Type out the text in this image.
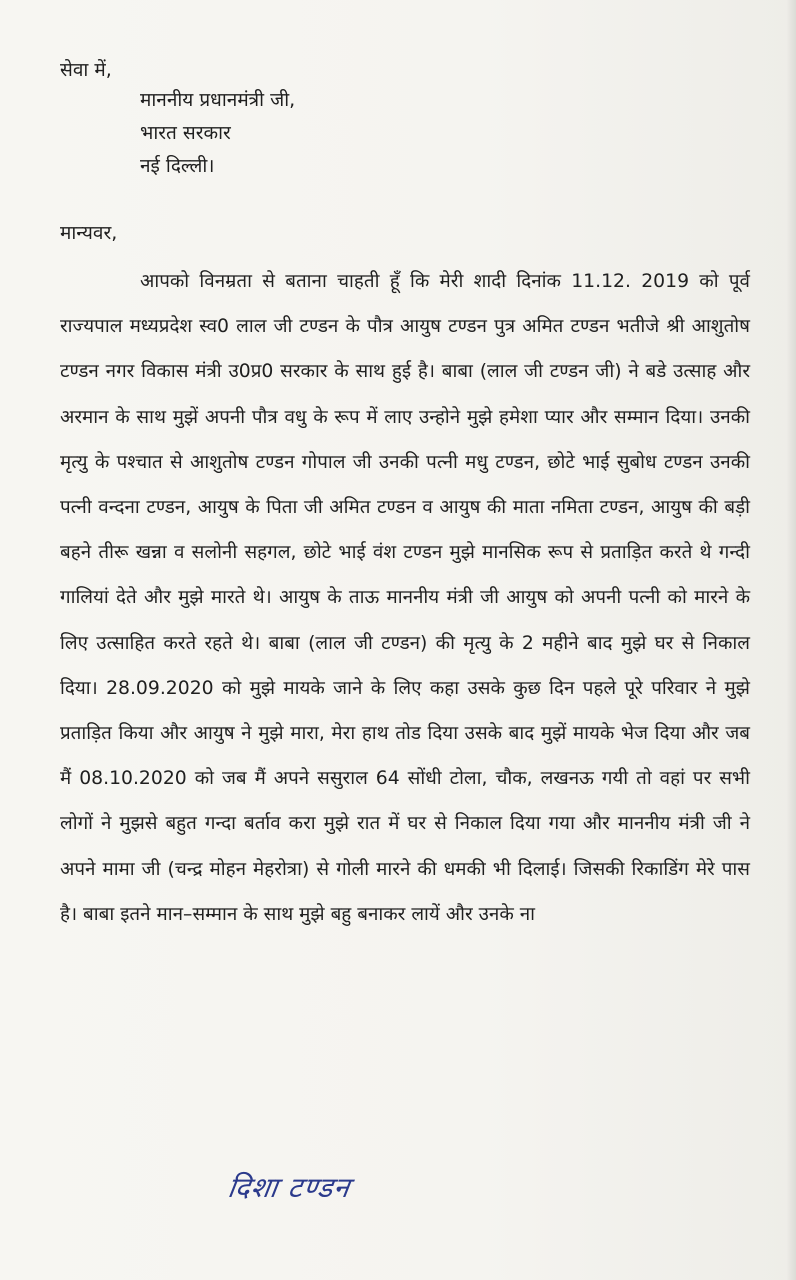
सेवा में,

माननीय प्रधानमंत्री जी,
भारत सरकार
नई दिल्ली।

मान्यवर,

आपको विनम्रता से बताना चाहती हूँ कि मेरी शादी दिनांक 11.12. 2019 को पूर्व राज्यपाल मध्यप्रदेश स्व0 लाल जी टण्डन के पौत्र आयुष टण्डन पुत्र अमित टण्डन भतीजे श्री आशुतोष टण्डन नगर विकास मंत्री उ0प्र0 सरकार के साथ हुई है। बाबा (लाल जी टण्डन जी) ने बडे उत्साह और अरमान के साथ मुझें अपनी पौत्र वधु के रूप में लाए उन्होने मुझे हमेशा प्यार और सम्मान दिया। उनकी मृत्यु के पश्चात से आशुतोष टण्डन गोपाल जी उनकी पत्नी मधु टण्डन, छोटे भाई सुबोध टण्डन उनकी पत्नी वन्दना टण्डन, आयुष के पिता जी अमित टण्डन व आयुष की माता नमिता टण्डन, आयुष की बड़ी बहने तीरू खन्ना व सलोनी सहगल, छोटे भाई वंश टण्डन मुझे मानसिक रूप से प्रताड़ित करते थे गन्दी गालियां देते और मुझे मारते थे। आयुष के ताऊ माननीय मंत्री जी आयुष को अपनी पत्नी को मारने के लिए उत्साहित करते रहते थे। बाबा (लाल जी टण्डन) की मृत्यु के 2 महीने बाद मुझे घर से निकाल दिया। 28.09.2020 को मुझे मायके जाने के लिए कहा उसके कुछ दिन पहले पूरे परिवार ने मुझे प्रताड़ित किया और आयुष ने मुझे मारा, मेरा हाथ तोड दिया उसके बाद मुझें मायके भेज दिया और जब मैं 08.10.2020 को जब मैं अपने ससुराल 64 सोंधी टोला, चौक, लखनऊ गयी तो वहां पर सभी लोगों ने मुझसे बहुत गन्दा बर्ताव करा मुझे रात में घर से निकाल दिया गया और माननीय मंत्री जी ने अपने मामा जी (चन्द्र मोहन मेहरोत्रा) से गोली मारने की धमकी भी दिलाई। जिसकी रिकाडिंग मेरे पास है। बाबा इतने मान–सम्मान के साथ मुझे बहु बनाकर लायें और उनके ना

दिशा टण्डन
